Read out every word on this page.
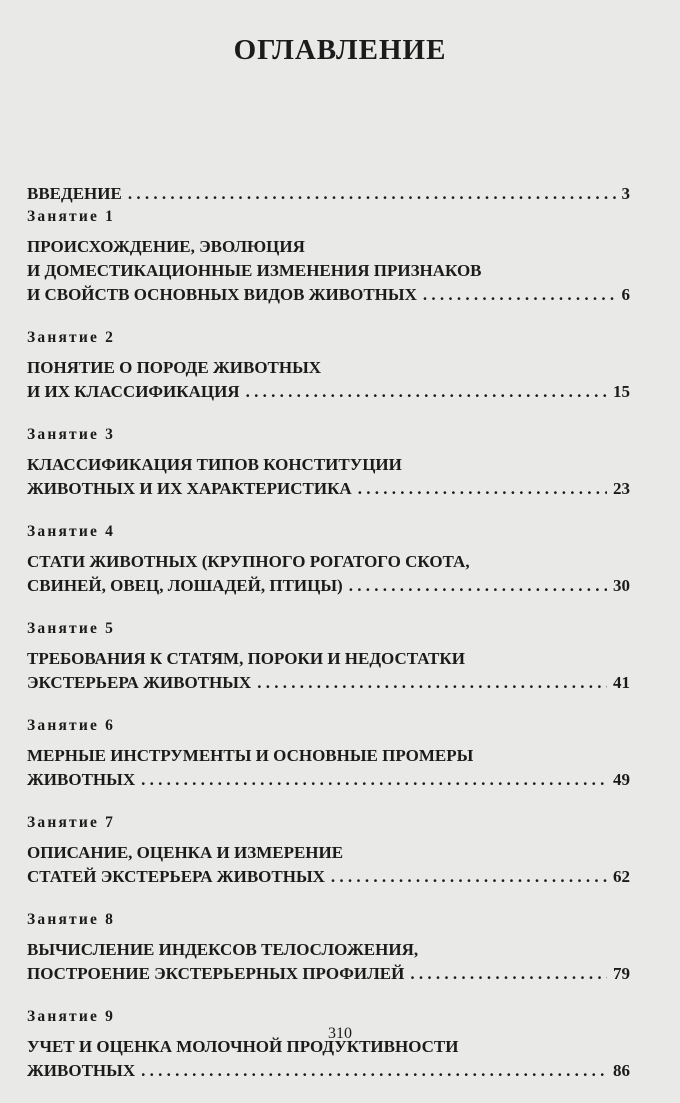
ОГЛАВЛЕНИЕ
ВВЕДЕНИЕ . . .	3
Занятие 1
ПРОИСХОЖДЕНИЕ, ЭВОЛЮЦИЯ
И ДОМЕСТИКАЦИОННЫЕ ИЗМЕНЕНИЯ ПРИЗНАКОВ
И СВОЙСТВ ОСНОВНЫХ ВИДОВ ЖИВОТНЫХ . . .	6
Занятие 2
ПОНЯТИЕ О ПОРОДЕ ЖИВОТНЫХ
И ИХ КЛАССИФИКАЦИЯ . . .	15
Занятие 3
КЛАССИФИКАЦИЯ ТИПОВ КОНСТИТУЦИИ
ЖИВОТНЫХ И ИХ ХАРАКТЕРИСТИКА . . .	23
Занятие 4
СТАТИ ЖИВОТНЫХ (КРУПНОГО РОГАТОГО СКОТА,
СВИНЕЙ, ОВЕЦ, ЛОШАДЕЙ, ПТИЦЫ) . . .	30
Занятие 5
ТРЕБОВАНИЯ К СТАТЯМ, ПОРОКИ И НЕДОСТАТКИ
ЭКСТЕРЬЕРА ЖИВОТНЫХ . . .	41
Занятие 6
МЕРНЫЕ ИНСТРУМЕНТЫ И ОСНОВНЫЕ ПРОМЕРЫ
ЖИВОТНЫХ . . .	49
Занятие 7
ОПИСАНИЕ, ОЦЕНКА И ИЗМЕРЕНИЕ
СТАТЕЙ ЭКСТЕРЬЕРА ЖИВОТНЫХ . . .	62
Занятие 8
ВЫЧИСЛЕНИЕ ИНДЕКСОВ ТЕЛОСЛОЖЕНИЯ,
ПОСТРОЕНИЕ ЭКСТЕРЬЕРНЫХ ПРОФИЛЕЙ . . .	79
Занятие 9
УЧЕТ И ОЦЕНКА МОЛОЧНОЙ ПРОДУКТИВНОСТИ
ЖИВОТНЫХ . . .	86
310
